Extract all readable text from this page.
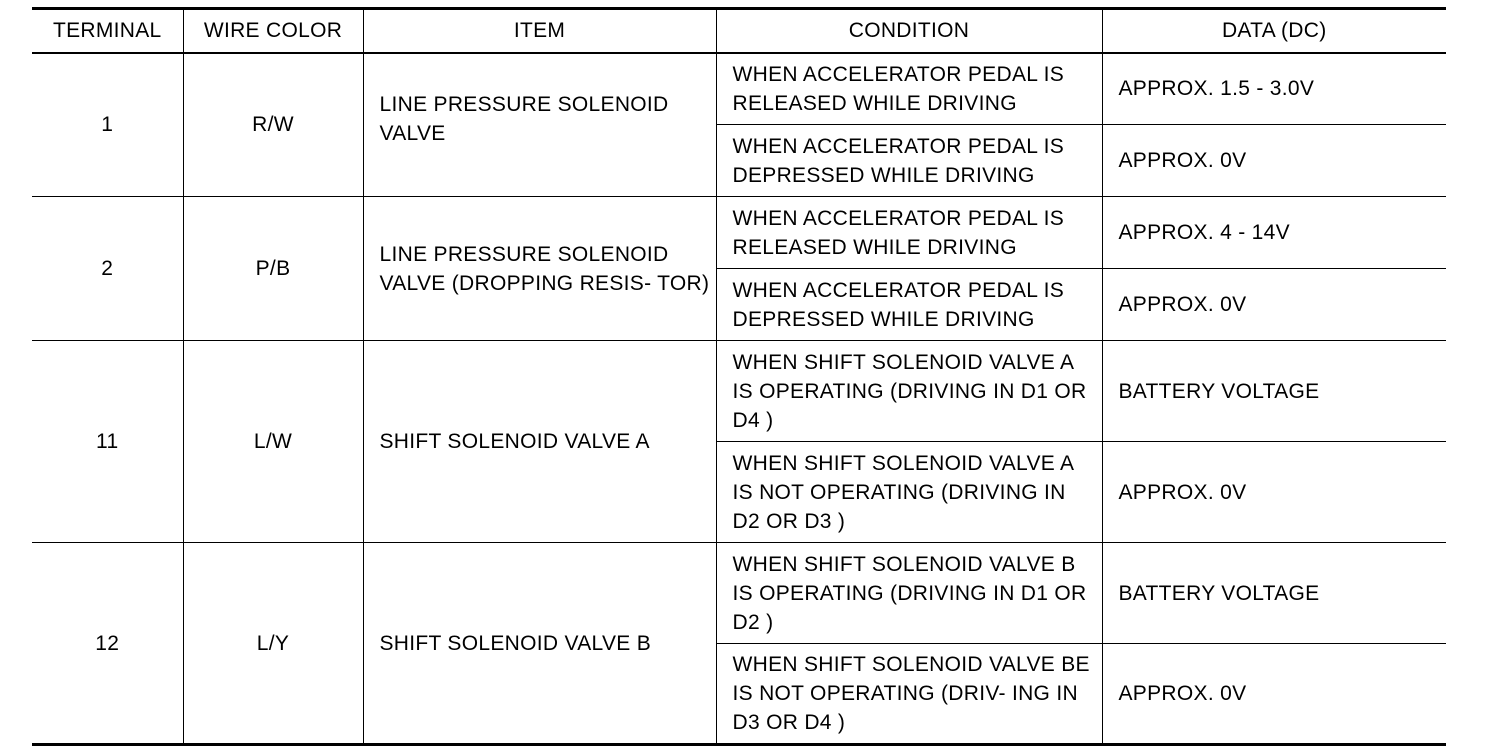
TERMINAL	WIRE COLOR	ITEM	CONDITION	DATA (DC)
1	R/W	LINE PRESSURE SOLENOID VALVE	WHEN ACCELERATOR PEDAL IS RELEASED WHILE DRIVING	APPROX. 1.5 - 3.0V
			WHEN ACCELERATOR PEDAL IS DEPRESSED WHILE DRIVING	APPROX. 0V
2	P/B	LINE PRESSURE SOLENOID VALVE (DROPPING RESIS- TOR)	WHEN ACCELERATOR PEDAL IS RELEASED WHILE DRIVING	APPROX. 4 - 14V
			WHEN ACCELERATOR PEDAL IS DEPRESSED WHILE DRIVING	APPROX. 0V
11	L/W	SHIFT SOLENOID VALVE A	WHEN SHIFT SOLENOID VALVE A IS OPERATING (DRIVING IN D1 OR D4 )	BATTERY VOLTAGE
			WHEN SHIFT SOLENOID VALVE A IS NOT OPERATING (DRIVING IN D2 OR D3 )	APPROX. 0V
12	L/Y	SHIFT SOLENOID VALVE B	WHEN SHIFT SOLENOID VALVE B IS OPERATING (DRIVING IN D1 OR D2 )	BATTERY VOLTAGE
			WHEN SHIFT SOLENOID VALVE BE IS NOT OPERATING (DRIV- ING IN D3 OR D4 )	APPROX. 0V
